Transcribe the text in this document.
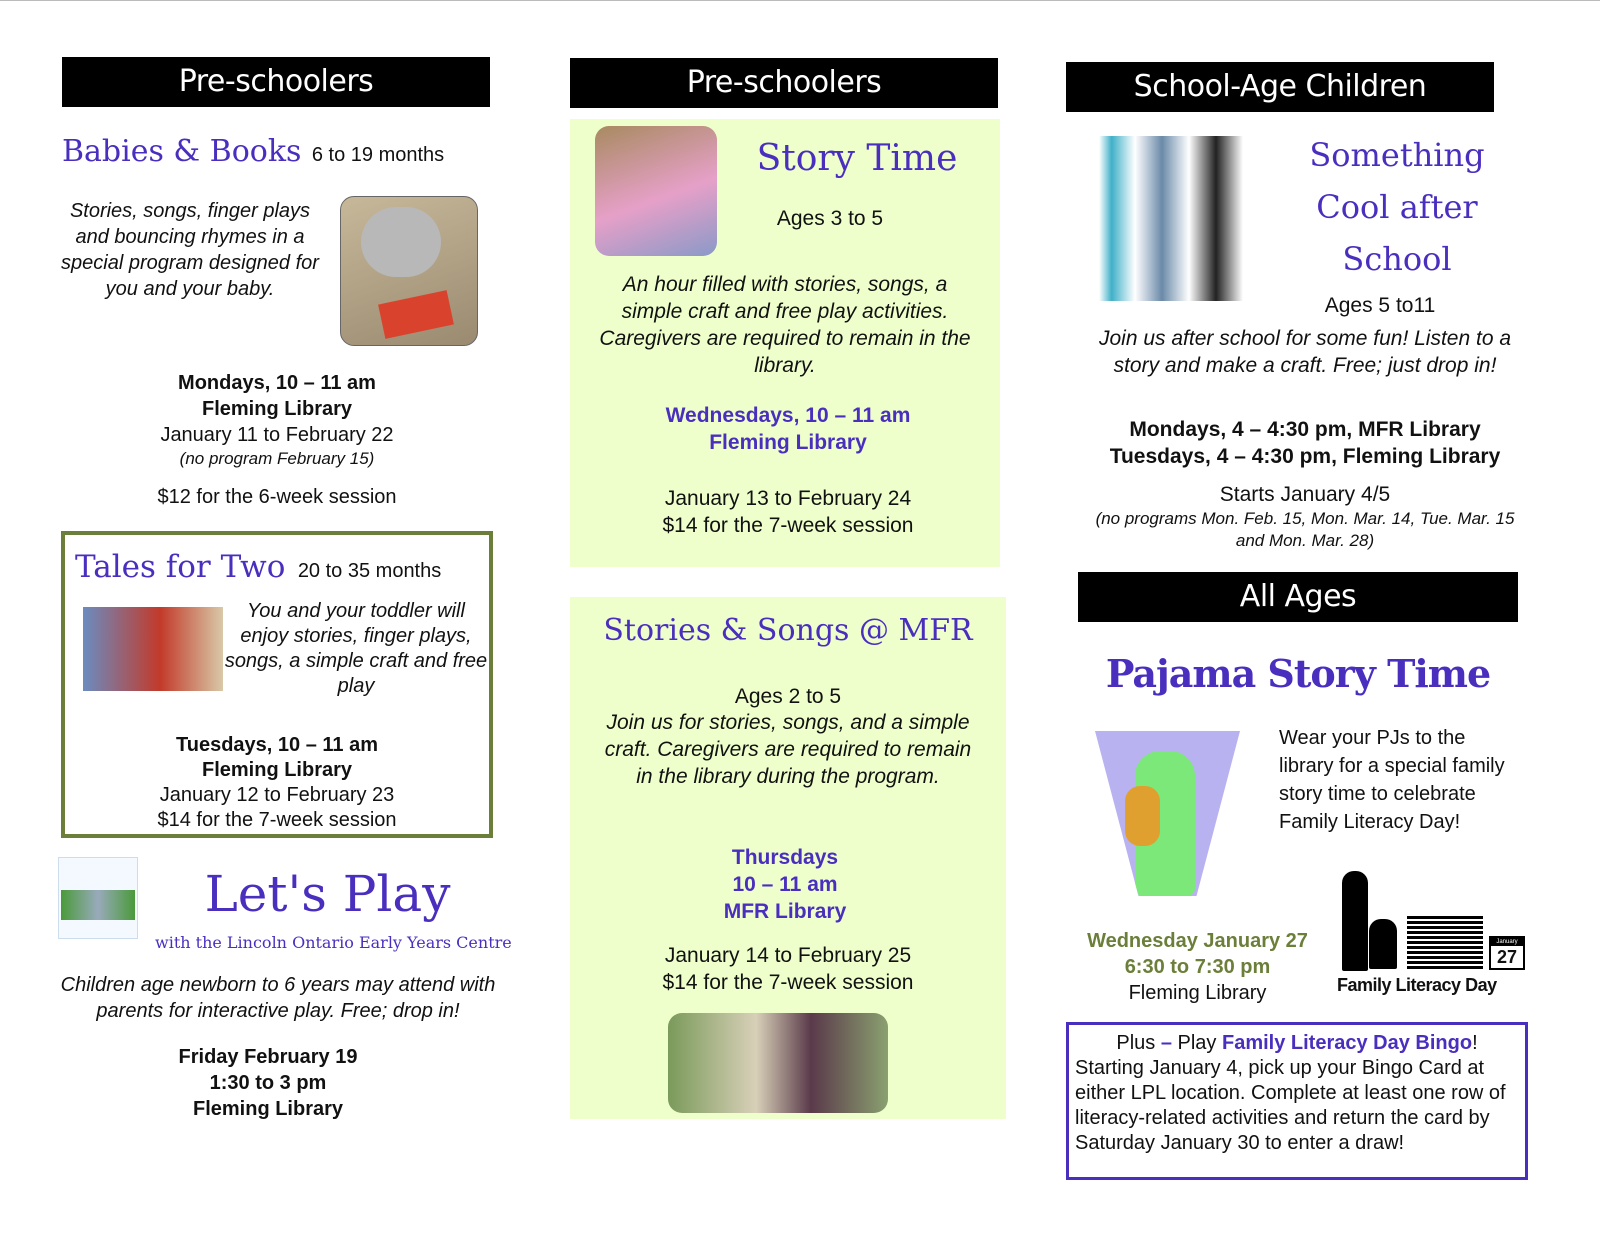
Pre-schoolers
Babies & Books 6 to 19 months
Stories, songs, finger plays and bouncing rhymes in a special program designed for you and your baby.
Mondays, 10 – 11 am
Fleming Library
January 11 to February 22
(no program February 15)
$12 for the 6-week session
Tales for Two 20 to 35 months
You and your toddler will enjoy stories, finger plays, songs, a simple craft and free play
Tuesdays, 10 – 11 am
Fleming Library
January 12 to February 23
$14 for the 7-week session
Let's Play
with the Lincoln Ontario Early Years Centre
Children age newborn to 6 years may attend with parents for interactive play. Free; drop in!
Friday February 19
1:30 to 3 pm
Fleming Library
Pre-schoolers
Story Time
Ages 3 to 5
An hour filled with stories, songs, a simple craft and free play activities. Caregivers are required to remain in the library.
Wednesdays, 10 – 11 am
Fleming Library
January 13 to February 24
$14 for the 7-week session
Stories & Songs @ MFR
Ages 2 to 5
Join us for stories, songs, and a simple craft. Caregivers are required to remain in the library during the program.
Thursdays
10 – 11 am
MFR Library
January 14 to February 25
$14 for the 7-week session
School-Age Children
Something Cool after School
Ages 5 to11
Join us after school for some fun! Listen to a story and make a craft. Free; just drop in!
Mondays, 4 – 4:30 pm, MFR Library
Tuesdays, 4 – 4:30 pm, Fleming Library
Starts January 4/5
(no programs Mon. Feb. 15, Mon. Mar. 14, Tue. Mar. 15 and Mon. Mar. 28)
All Ages
Pajama Story Time
Wear your PJs to the library for a special family story time to celebrate Family Literacy Day!
Wednesday January 27
6:30 to 7:30 pm
Fleming Library
January
27
Family Literacy Day
Plus – Play Family Literacy Day Bingo!
Starting January 4, pick up your Bingo Card at either LPL location. Complete at least one row of literacy-related activities and return the card by Saturday January 30 to enter a draw!
